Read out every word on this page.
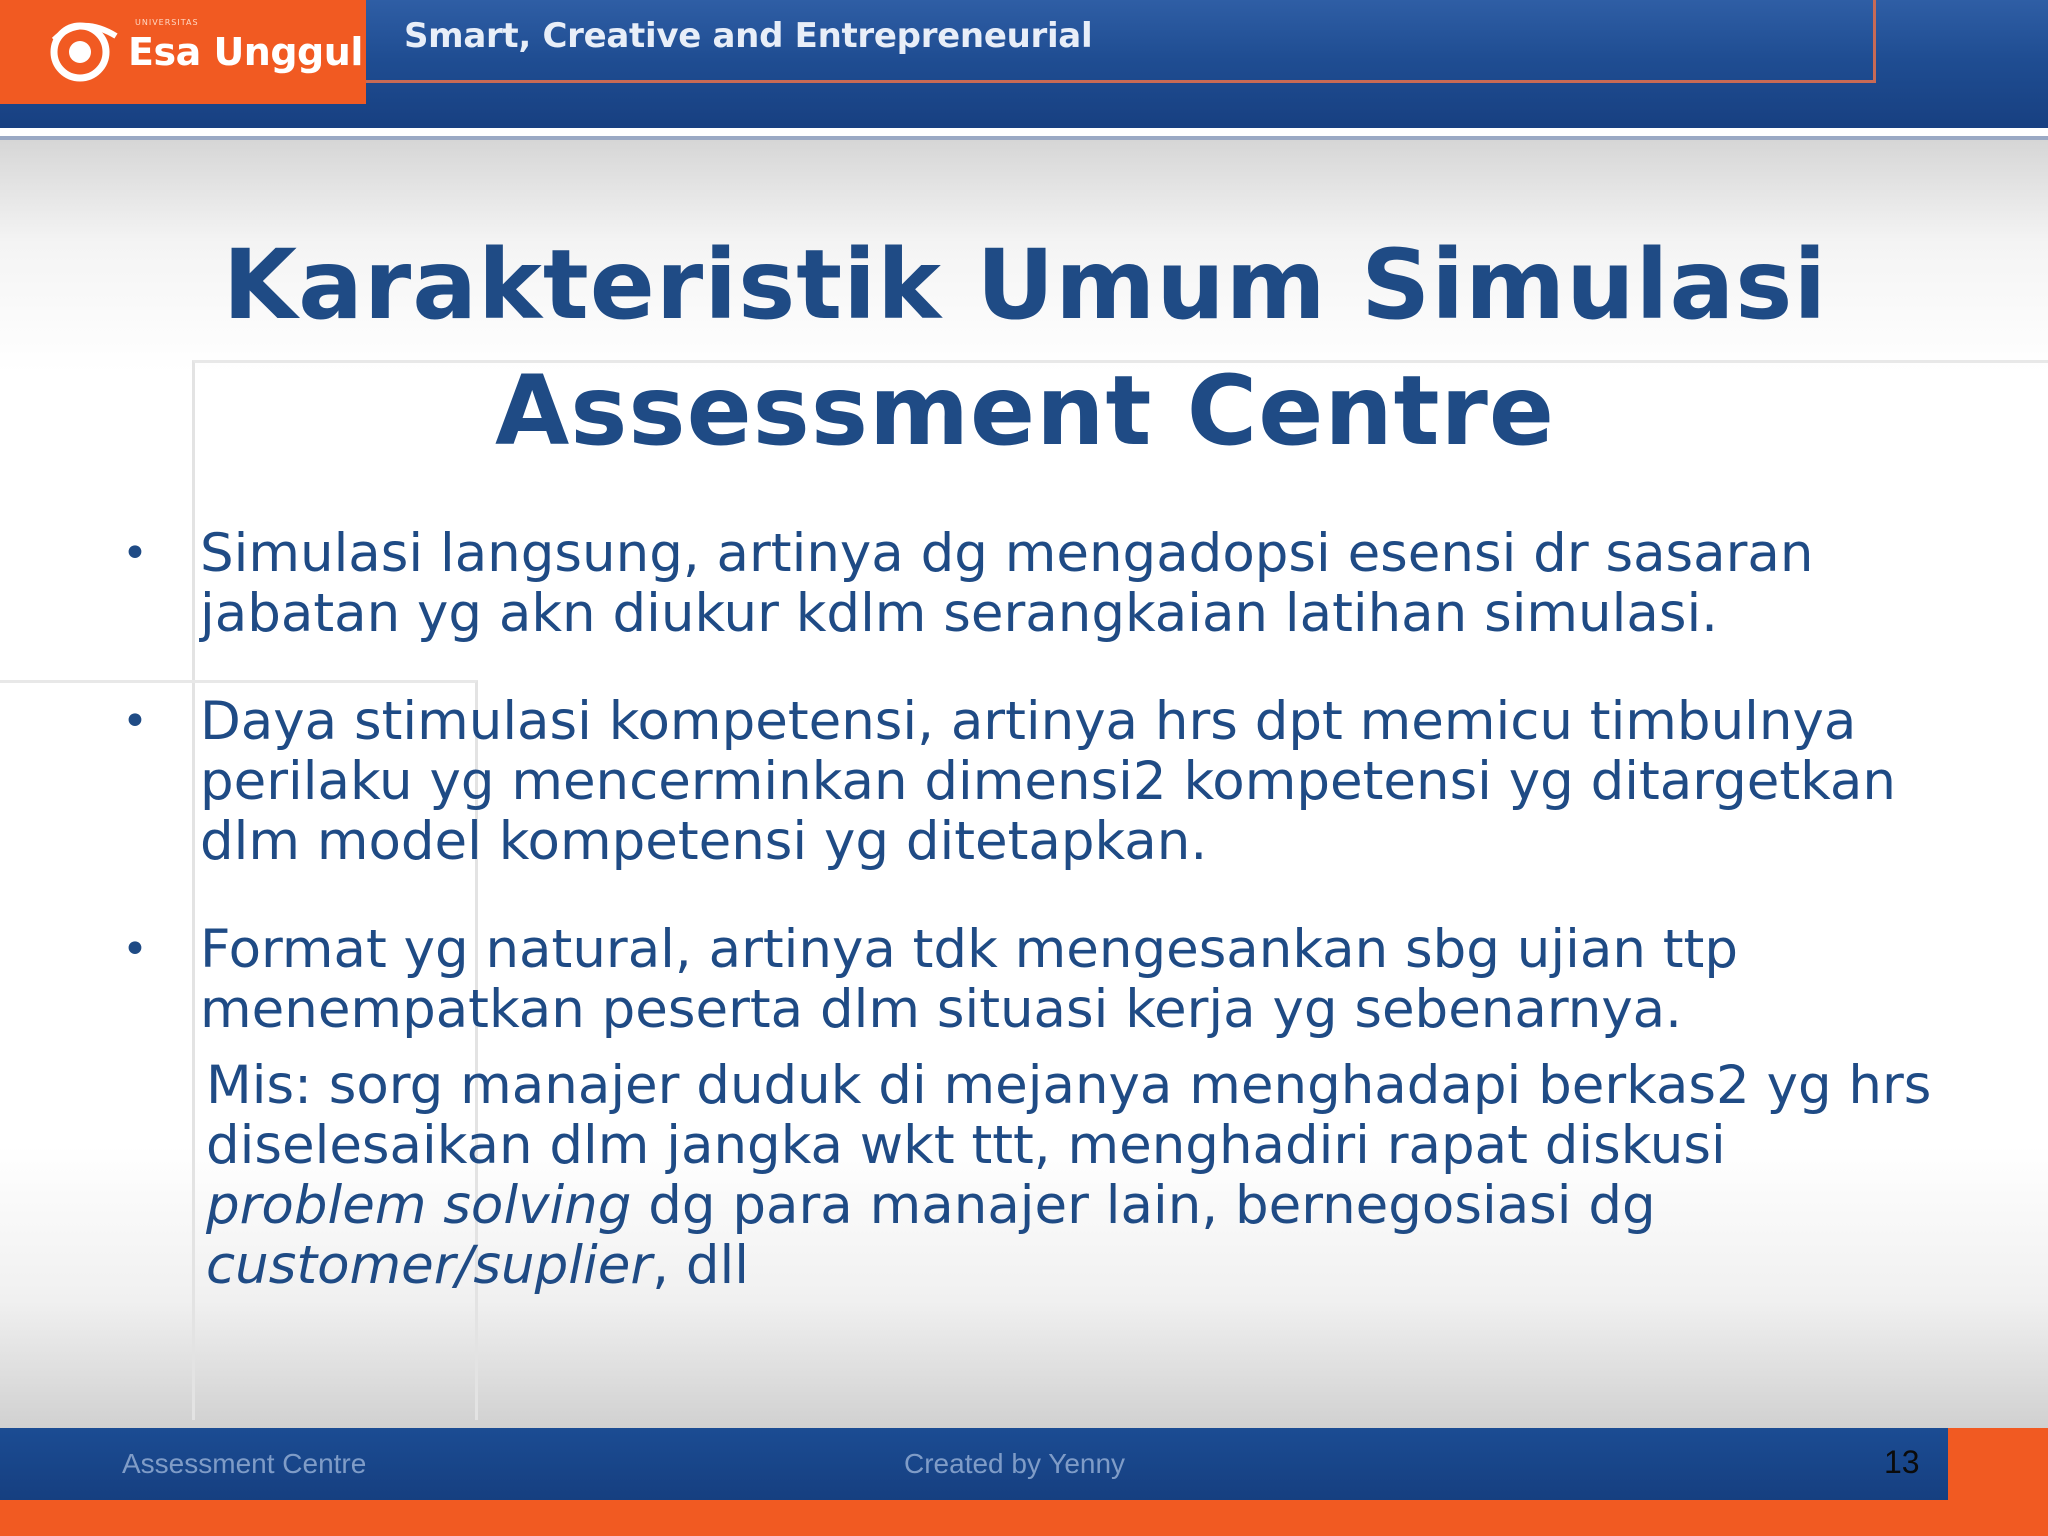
UNIVERSITAS
Esa Unggul Smart, Creative and Entrepreneurial
Karakteristik Umum Simulasi
Assessment Centre
• Simulasi langsung, artinya dg mengadopsi esensi dr sasaran jabatan yg akn diukur kdlm serangkaian latihan simulasi.
• Daya stimulasi kompetensi, artinya hrs dpt memicu timbulnya perilaku yg mencerminkan dimensi2 kompetensi yg ditargetkan dlm model kompetensi yg ditetapkan.
• Format yg natural, artinya tdk mengesankan sbg ujian ttp menempatkan peserta dlm situasi kerja yg sebenarnya.
Mis: sorg manajer duduk di mejanya menghadapi berkas2 yg hrs diselesaikan dlm jangka wkt ttt, menghadiri rapat diskusi problem solving dg para manajer lain, bernegosiasi dg customer/suplier, dll
Assessment Centre	Created by Yenny	13
